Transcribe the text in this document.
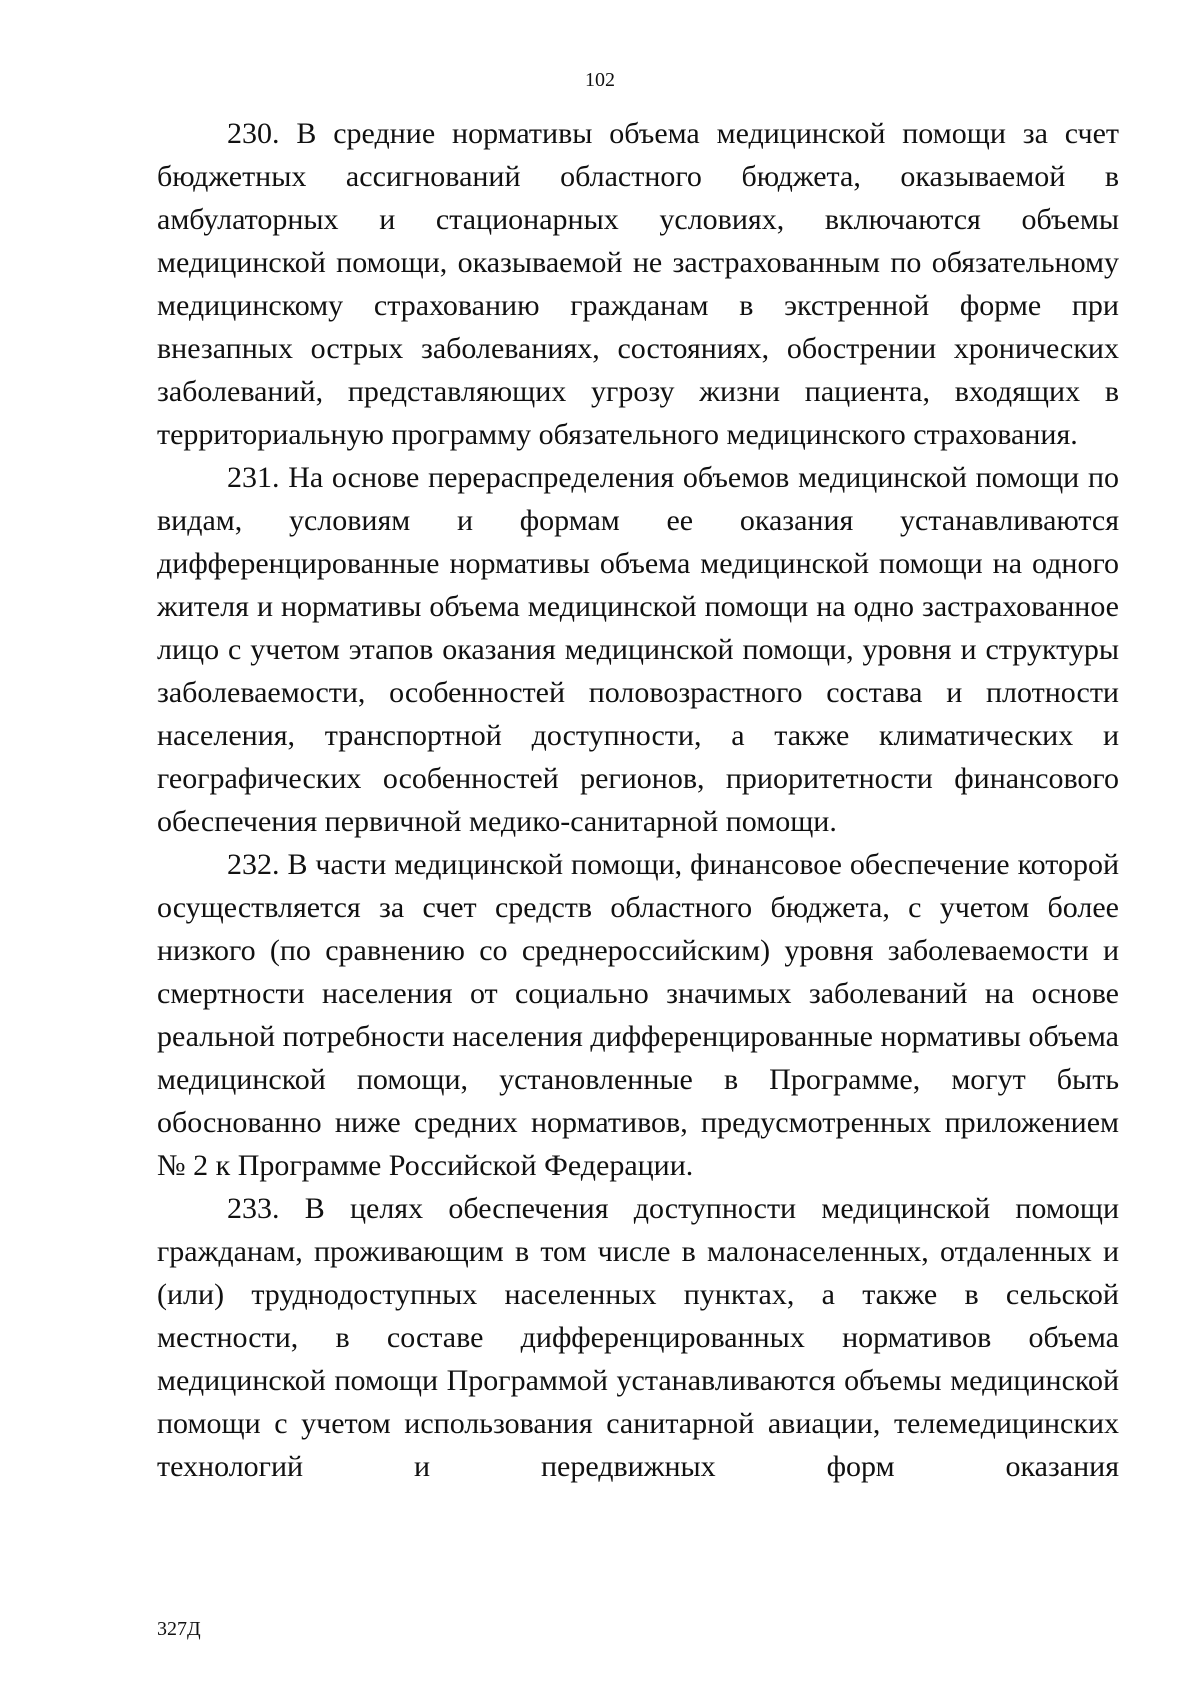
102

230. В средние нормативы объема медицинской помощи за счет бюджетных ассигнований областного бюджета, оказываемой в амбулаторных и стационарных условиях, включаются объемы медицинской помощи, оказываемой не застрахованным по обязательному медицинскому страхованию гражданам в экстренной форме при внезапных острых заболеваниях, состояниях, обострении хронических заболеваний, представляющих угрозу жизни пациента, входящих в территориальную программу обязательного медицинского страхования.

231. На основе перераспределения объемов медицинской помощи по видам, условиям и формам ее оказания устанавливаются дифференцированные нормативы объема медицинской помощи на одного жителя и нормативы объема медицинской помощи на одно застрахованное лицо с учетом этапов оказания медицинской помощи, уровня и структуры заболеваемости, особенностей половозрастного состава и плотности населения, транспортной доступности, а также климатических и географических особенностей регионов, приоритетности финансового обеспечения первичной медико-санитарной помощи.

232. В части медицинской помощи, финансовое обеспечение которой осуществляется за счет средств областного бюджета, с учетом более низкого (по сравнению со среднероссийским) уровня заболеваемости и смертности населения от социально значимых заболеваний на основе реальной потребности населения дифференцированные нормативы объема медицинской помощи, установленные в Программе, могут быть обоснованно ниже средних нормативов, предусмотренных приложением № 2 к Программе Российской Федерации.

233. В целях обеспечения доступности медицинской помощи гражданам, проживающим в том числе в малонаселенных, отдаленных и (или) труднодоступных населенных пунктах, а также в сельской местности, в составе дифференцированных нормативов объема медицинской помощи Программой устанавливаются объемы медицинской помощи с учетом использования санитарной авиации, телемедицинских технологий и передвижных форм оказания

327Д
